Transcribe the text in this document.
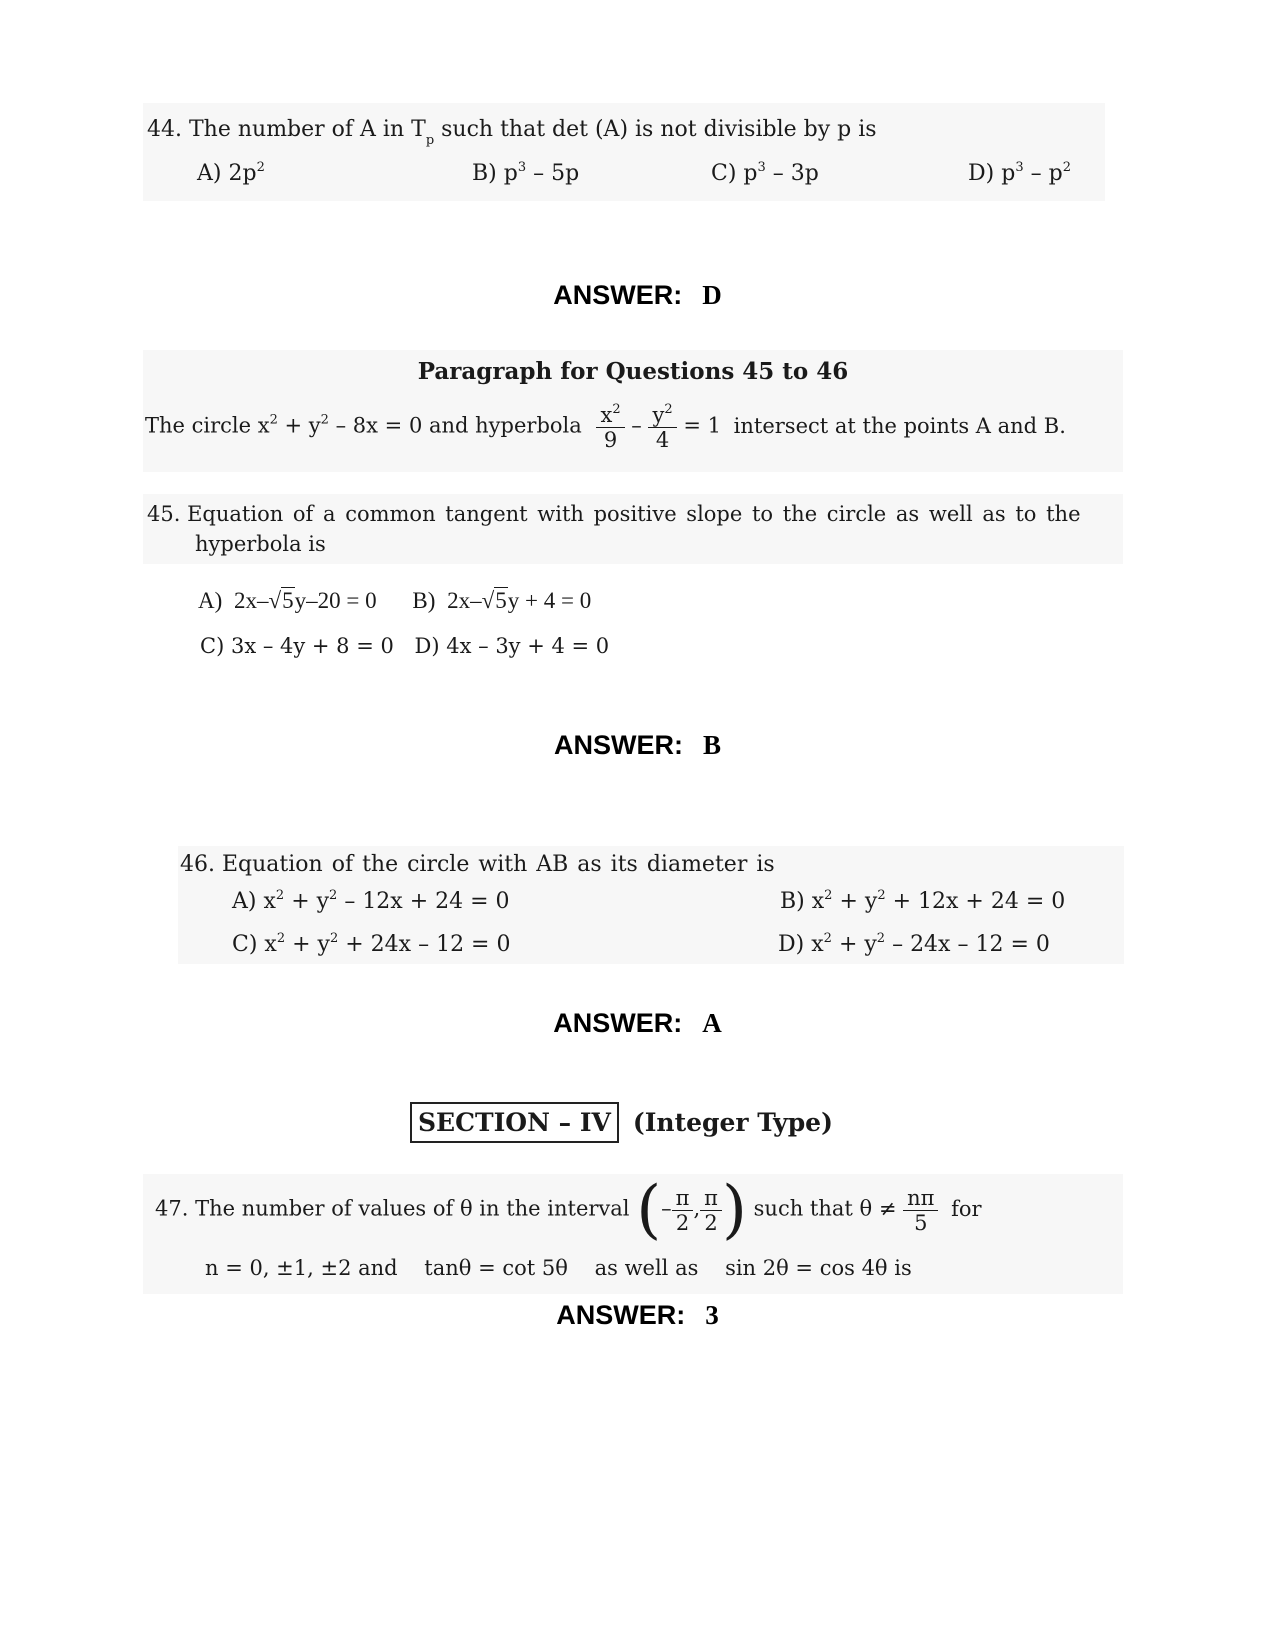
44. The number of A in $T_p$ such that det (A) is not divisible by p is
A) $2p^2$	B) $p^3 - 5p$	C) $p^3 - 3p$	D) $p^3 - p^2$
ANSWER: D
Paragraph for Questions 45 to 46
The circle $x^2 + y^2 - 8x = 0$ and hyperbola $\frac{x^2}{9} - \frac{y^2}{4} = 1$ intersect at the points A and B.
45. Equation of a common tangent with positive slope to the circle as well as to the
hyperbola is
A) 2x–√5y–20 = 0 B) 2x–√5y + 4 = 0
C) 3x – 4y + 8 = 0 D) 4x – 3y + 4 = 0
ANSWER: B
46. Equation of the circle with AB as its diameter is
A) $x^2 + y^2 - 12x + 24 = 0$	B) $x^2 + y^2 + 12x + 24 = 0$
C) $x^2 + y^2 + 24x - 12 = 0$	D) $x^2 + y^2 - 24x - 12 = 0$
ANSWER: A
SECTION – IV (Integer Type)
47. The number of values of θ in the interval (– $\frac{\pi}{2}$ , $\frac{\pi}{2}$ ) such that $\theta \ne \frac{n\pi}{5}$ for
n = 0, ±1, ±2 and tanθ = cot 5θ as well as sin 2θ = cos 4θ is
ANSWER: 3
